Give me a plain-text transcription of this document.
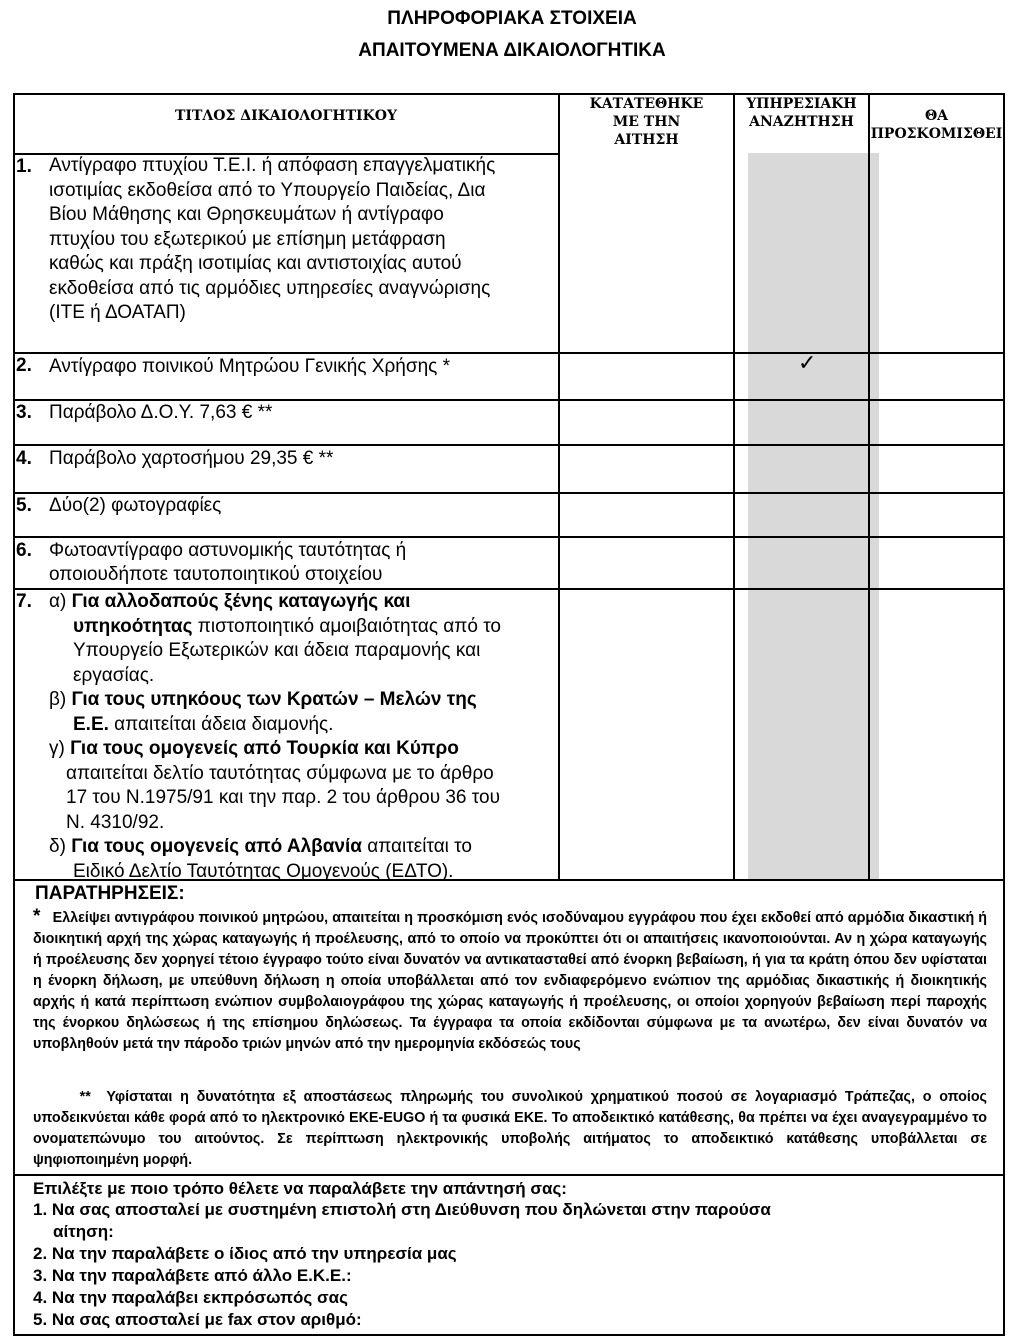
ΠΛΗΡΟΦΟΡΙΑΚΑ ΣΤΟΙΧΕΙΑ
ΑΠΑΙΤΟΥΜΕΝΑ ΔΙΚΑΙΟΛΟΓΗΤΙΚΑ
ΤΙΤΛΟΣ ΔΙΚΑΙΟΛΟΓΗΤΙΚΟΥ
ΚΑΤΑΤΕΘΗΚΕ
ΜΕ ΤΗΝ
ΑΙΤΗΣΗ
ΥΠΗΡΕΣΙΑΚΗ
ΑΝΑΖΗΤΗΣΗ	ΘΑ
ΠΡΟΣΚΟΜΙΣΘΕΙ
1. Αντίγραφο πτυχίου Τ.Ε.Ι. ή απόφαση επαγγελματικής
ισοτιμίας εκδοθείσα από το Υπουργείο Παιδείας, Δια
Βίου Μάθησης και Θρησκευμάτων ή αντίγραφο
πτυχίου του εξωτερικού με επίσημη μετάφραση
καθώς και πράξη ισοτιμίας και αντιστοιχίας αυτού
εκδοθείσα από τις αρμόδιες υπηρεσίες αναγνώρισης
(ΙΤΕ ή ΔΟΑΤΑΠ)
2. Αντίγραφο ποινικού Μητρώου Γενικής Χρήσης *	✓
3. Παράβολο Δ.Ο.Υ. 7,63 € **
4. Παράβολο χαρτοσήμου 29,35 € **
5. Δύο(2) φωτογραφίες
6. Φωτοαντίγραφο αστυνομικής ταυτότητας ή
οποιουδήποτε ταυτοποιητικού στοιχείου
7. α) Για αλλοδαπούς ξένης καταγωγής και
υπηκοότητας πιστοποιητικό αμοιβαιότητας από το
Υπουργείο Εξωτερικών και άδεια παραμονής και
εργασίας.
β) Για τους υπηκόους των Κρατών – Μελών της
Ε.Ε. απαιτείται άδεια διαμονής.
γ) Για τους ομογενείς από Τουρκία και Κύπρο
απαιτείται δελτίο ταυτότητας σύμφωνα με το άρθρο
17 του Ν.1975/91 και την παρ. 2 του άρθρου 36 του
Ν. 4310/92.
δ) Για τους ομογενείς από Αλβανία απαιτείται το
Ειδικό Δελτίο Ταυτότητας Ομογενούς (ΕΔΤΟ).
ΠΑΡΑΤΗΡΗΣΕΙΣ:
* Ελλείψει αντιγράφου ποινικού μητρώου, απαιτείται η προσκόμιση ενός ισοδύναμου εγγράφου που έχει εκδοθεί από αρμόδια δικαστική ή διοικητική αρχή της χώρας καταγωγής ή προέλευσης, από το οποίο να προκύπτει ότι οι απαιτήσεις ικανοποιούνται. Αν η χώρα καταγωγής ή προέλευσης δεν χορηγεί τέτοιο έγγραφο τούτο είναι δυνατόν να αντικατασταθεί από ένορκη βεβαίωση, ή για τα κράτη όπου δεν υφίσταται η ένορκη δήλωση, με υπεύθυνη δήλωση η οποία υποβάλλεται από τον ενδιαφερόμενο ενώπιον της αρμόδιας δικαστικής ή διοικητικής αρχής ή κατά περίπτωση ενώπιον συμβολαιογράφου της χώρας καταγωγής ή προέλευσης, οι οποίοι χορηγούν βεβαίωση περί παροχής της ένορκου δηλώσεως ή της επίσημου δηλώσεως. Τα έγγραφα τα οποία εκδίδονται σύμφωνα με τα ανωτέρω, δεν είναι δυνατόν να υποβληθούν μετά την πάροδο τριών μηνών από την ημερομηνία εκδόσεώς τους
** Υφίσταται η δυνατότητα εξ αποστάσεως πληρωμής του συνολικού χρηματικού ποσού σε λογαριασμό Τράπεζας, ο οποίος υποδεικνύεται κάθε φορά από το ηλεκτρονικό ΕΚΕ-EUGO ή τα φυσικά ΕΚΕ. Το αποδεικτικό κατάθεσης, θα πρέπει να έχει αναγεγραμμένο το ονοματεπώνυμο του αιτούντος. Σε περίπτωση ηλεκτρονικής υποβολής αιτήματος το αποδεικτικό κατάθεσης υποβάλλεται σε ψηφιοποιημένη μορφή.
Επιλέξτε με ποιο τρόπο θέλετε να παραλάβετε την απάντησή σας:
1. Να σας αποσταλεί με συστημένη επιστολή στη Διεύθυνση που δηλώνεται στην παρούσα
αίτηση:
2. Να την παραλάβετε ο ίδιος από την υπηρεσία μας
3. Να την παραλάβετε από άλλο Ε.Κ.Ε.:
4. Να την παραλάβει εκπρόσωπός σας
5. Να σας αποσταλεί με fax στον αριθμό:
